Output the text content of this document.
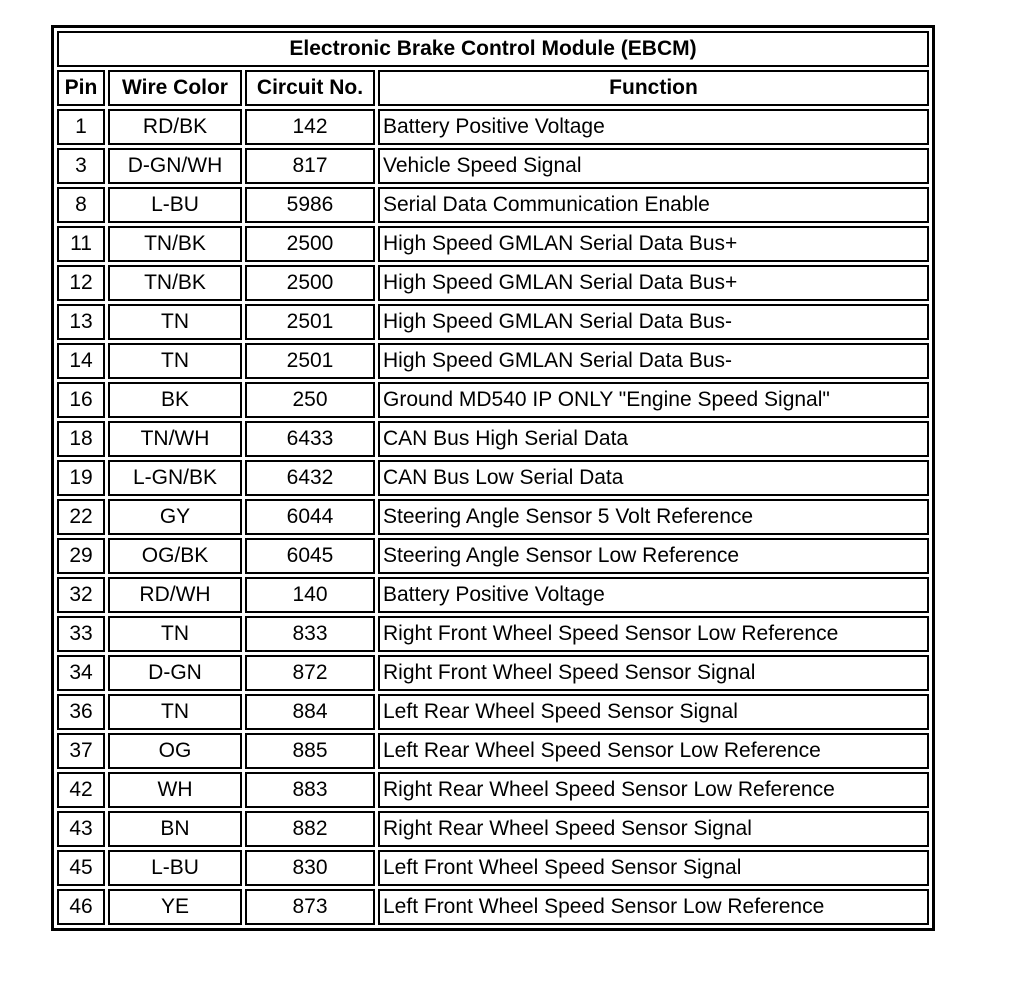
Electronic Brake Control Module (EBCM)			
Pin	Wire Color	Circuit No.	Function
1	RD/BK	142	Battery Positive Voltage
3	D-GN/WH	817	Vehicle Speed Signal
8	L-BU	5986	Serial Data Communication Enable
11	TN/BK	2500	High Speed GMLAN Serial Data Bus+
12	TN/BK	2500	High Speed GMLAN Serial Data Bus+
13	TN	2501	High Speed GMLAN Serial Data Bus-
14	TN	2501	High Speed GMLAN Serial Data Bus-
16	BK	250	Ground MD540 IP ONLY "Engine Speed Signal"
18	TN/WH	6433	CAN Bus High Serial Data
19	L-GN/BK	6432	CAN Bus Low Serial Data
22	GY	6044	Steering Angle Sensor 5 Volt Reference
29	OG/BK	6045	Steering Angle Sensor Low Reference
32	RD/WH	140	Battery Positive Voltage
33	TN	833	Right Front Wheel Speed Sensor Low Reference
34	D-GN	872	Right Front Wheel Speed Sensor Signal
36	TN	884	Left Rear Wheel Speed Sensor Signal
37	OG	885	Left Rear Wheel Speed Sensor Low Reference
42	WH	883	Right Rear Wheel Speed Sensor Low Reference
43	BN	882	Right Rear Wheel Speed Sensor Signal
45	L-BU	830	Left Front Wheel Speed Sensor Signal
46	YE	873	Left Front Wheel Speed Sensor Low Reference
